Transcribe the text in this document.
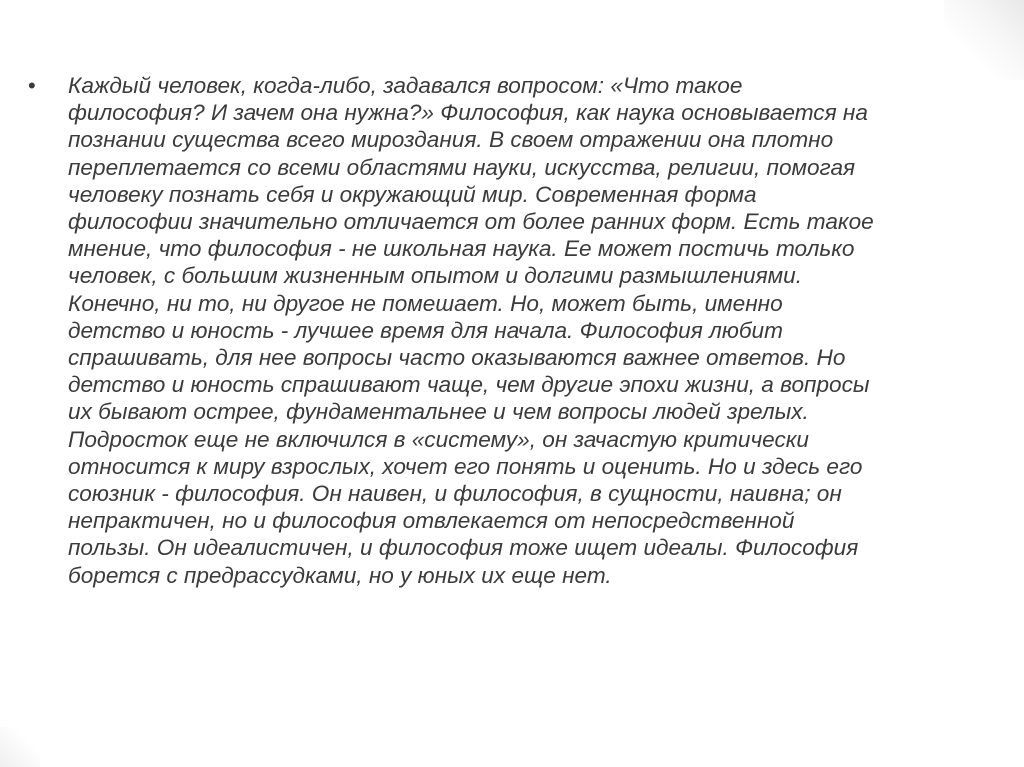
• Каждый человек, когда-либо, задавался вопросом: «Что такое
философия? И зачем она нужна?» Философия, как наука основывается на
познании существа всего мироздания. В своем отражении она плотно
переплетается со всеми областями науки, искусства, религии, помогая
человеку познать себя и окружающий мир. Современная форма
философии значительно отличается от более ранних форм. Есть такое
мнение, что философия - не школьная наука. Ее может постичь только
человек, с большим жизненным опытом и долгими размышлениями.
Конечно, ни то, ни другое не помешает. Но, может быть, именно
детство и юность - лучшее время для начала. Философия любит
спрашивать, для нее вопросы часто оказываются важнее ответов. Но
детство и юность спрашивают чаще, чем другие эпохи жизни, а вопросы
их бывают острее, фундаментальнее и чем вопросы людей зрелых.
Подросток еще не включился в «систему», он зачастую критически
относится к миру взрослых, хочет его понять и оценить. Но и здесь его
союзник - философия. Он наивен, и философия, в сущности, наивна; он
непрактичен, но и философия отвлекается от непосредственной
пользы. Он идеалистичен, и философия тоже ищет идеалы. Философия
борется с предрассудками, но у юных их еще нет.
